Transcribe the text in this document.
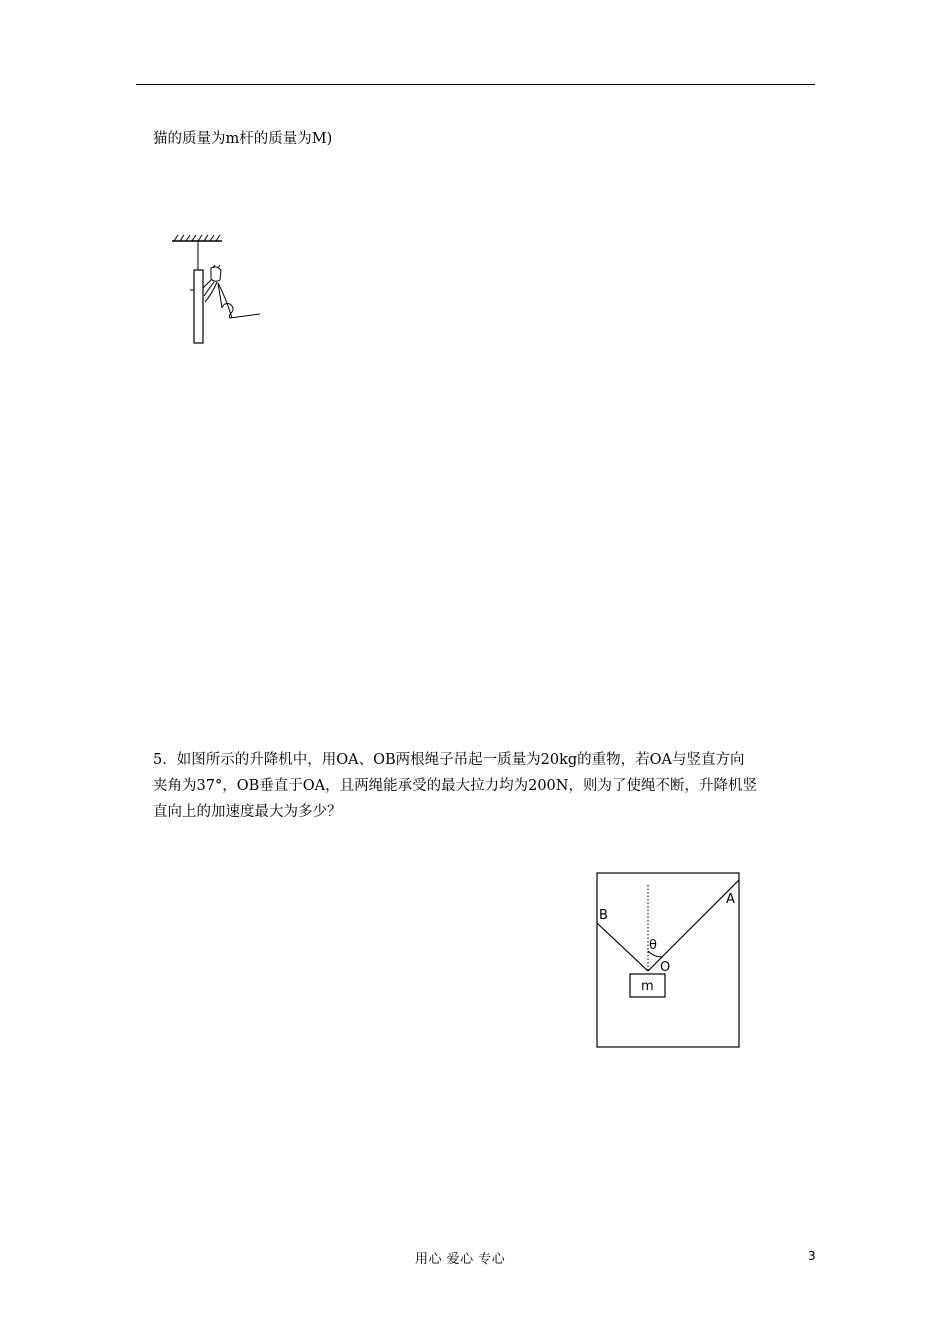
猫的质量为m杆的质量为M)
5．如图所示的升降机中，用OA、OB两根绳子吊起一质量为20kg的重物，若OA与竖直方向
夹角为37°，OB垂直于OA，且两绳能承受的最大拉力均为200N，则为了使绳不断，升降机竖
直向上的加速度最大为多少？
A
B
θ
O
m
用心 爱心 专心	3
